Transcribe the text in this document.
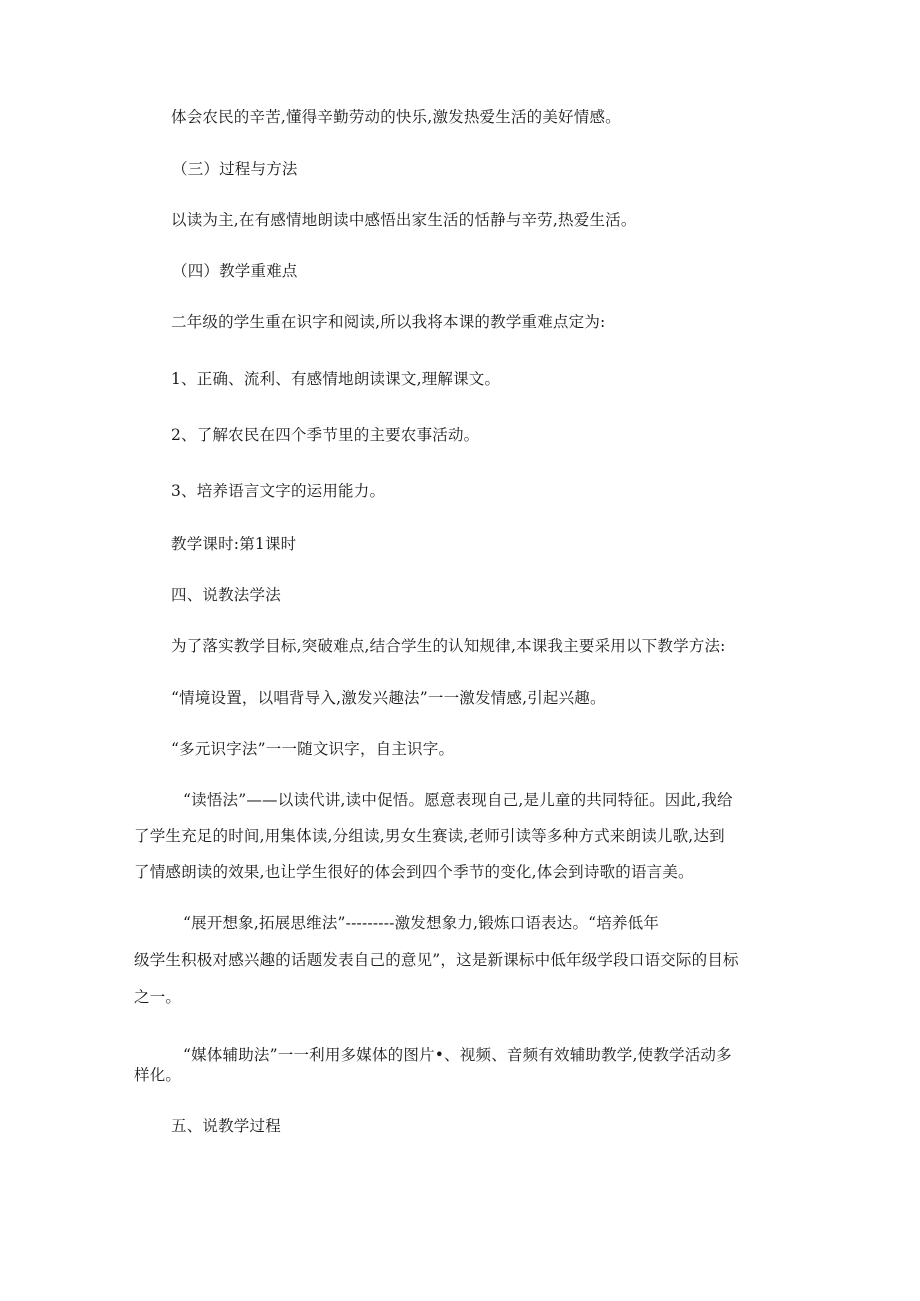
体会农民的辛苦,懂得辛勤劳动的快乐,激发热爱生活的美好情感。
（三）过程与方法
以读为主,在有感情地朗读中感悟出家生活的恬静与辛劳,热爱生活。
（四）教学重难点
二年级的学生重在识字和阅读,所以我将本课的教学重难点定为:
1、正确、流利、有感情地朗读课文,理解课文。
2、了解农民在四个季节里的主要农事活动。
3、培养语言文字的运用能力。
教学课时:第1课时
四、说教法学法
为了落实教学目标,突破难点,结合学生的认知规律,本课我主要采用以下教学方法:
“情境设置，以唱背导入,激发兴趣法”一一激发情感,引起兴趣。
“多元识字法”一一随文识字，自主识字。
“读悟法”——以读代讲,读中促悟。愿意表现自己,是儿童的共同特征。因此,我给
了学生充足的时间,用集体读,分组读,男女生赛读,老师引读等多种方式来朗读儿歌,达到
了情感朗读的效果,也让学生很好的体会到四个季节的变化,体会到诗歌的语言美。
“展开想象,拓展思维法”---------激发想象力,锻炼口语表达。“培养低年
级学生积极对感兴趣的话题发表自己的意见”，这是新课标中低年级学段口语交际的目标
之一。
“媒体辅助法”一一利用多媒体的图片•、视频、音频有效辅助教学,使教学活动多
样化。
五、说教学过程
